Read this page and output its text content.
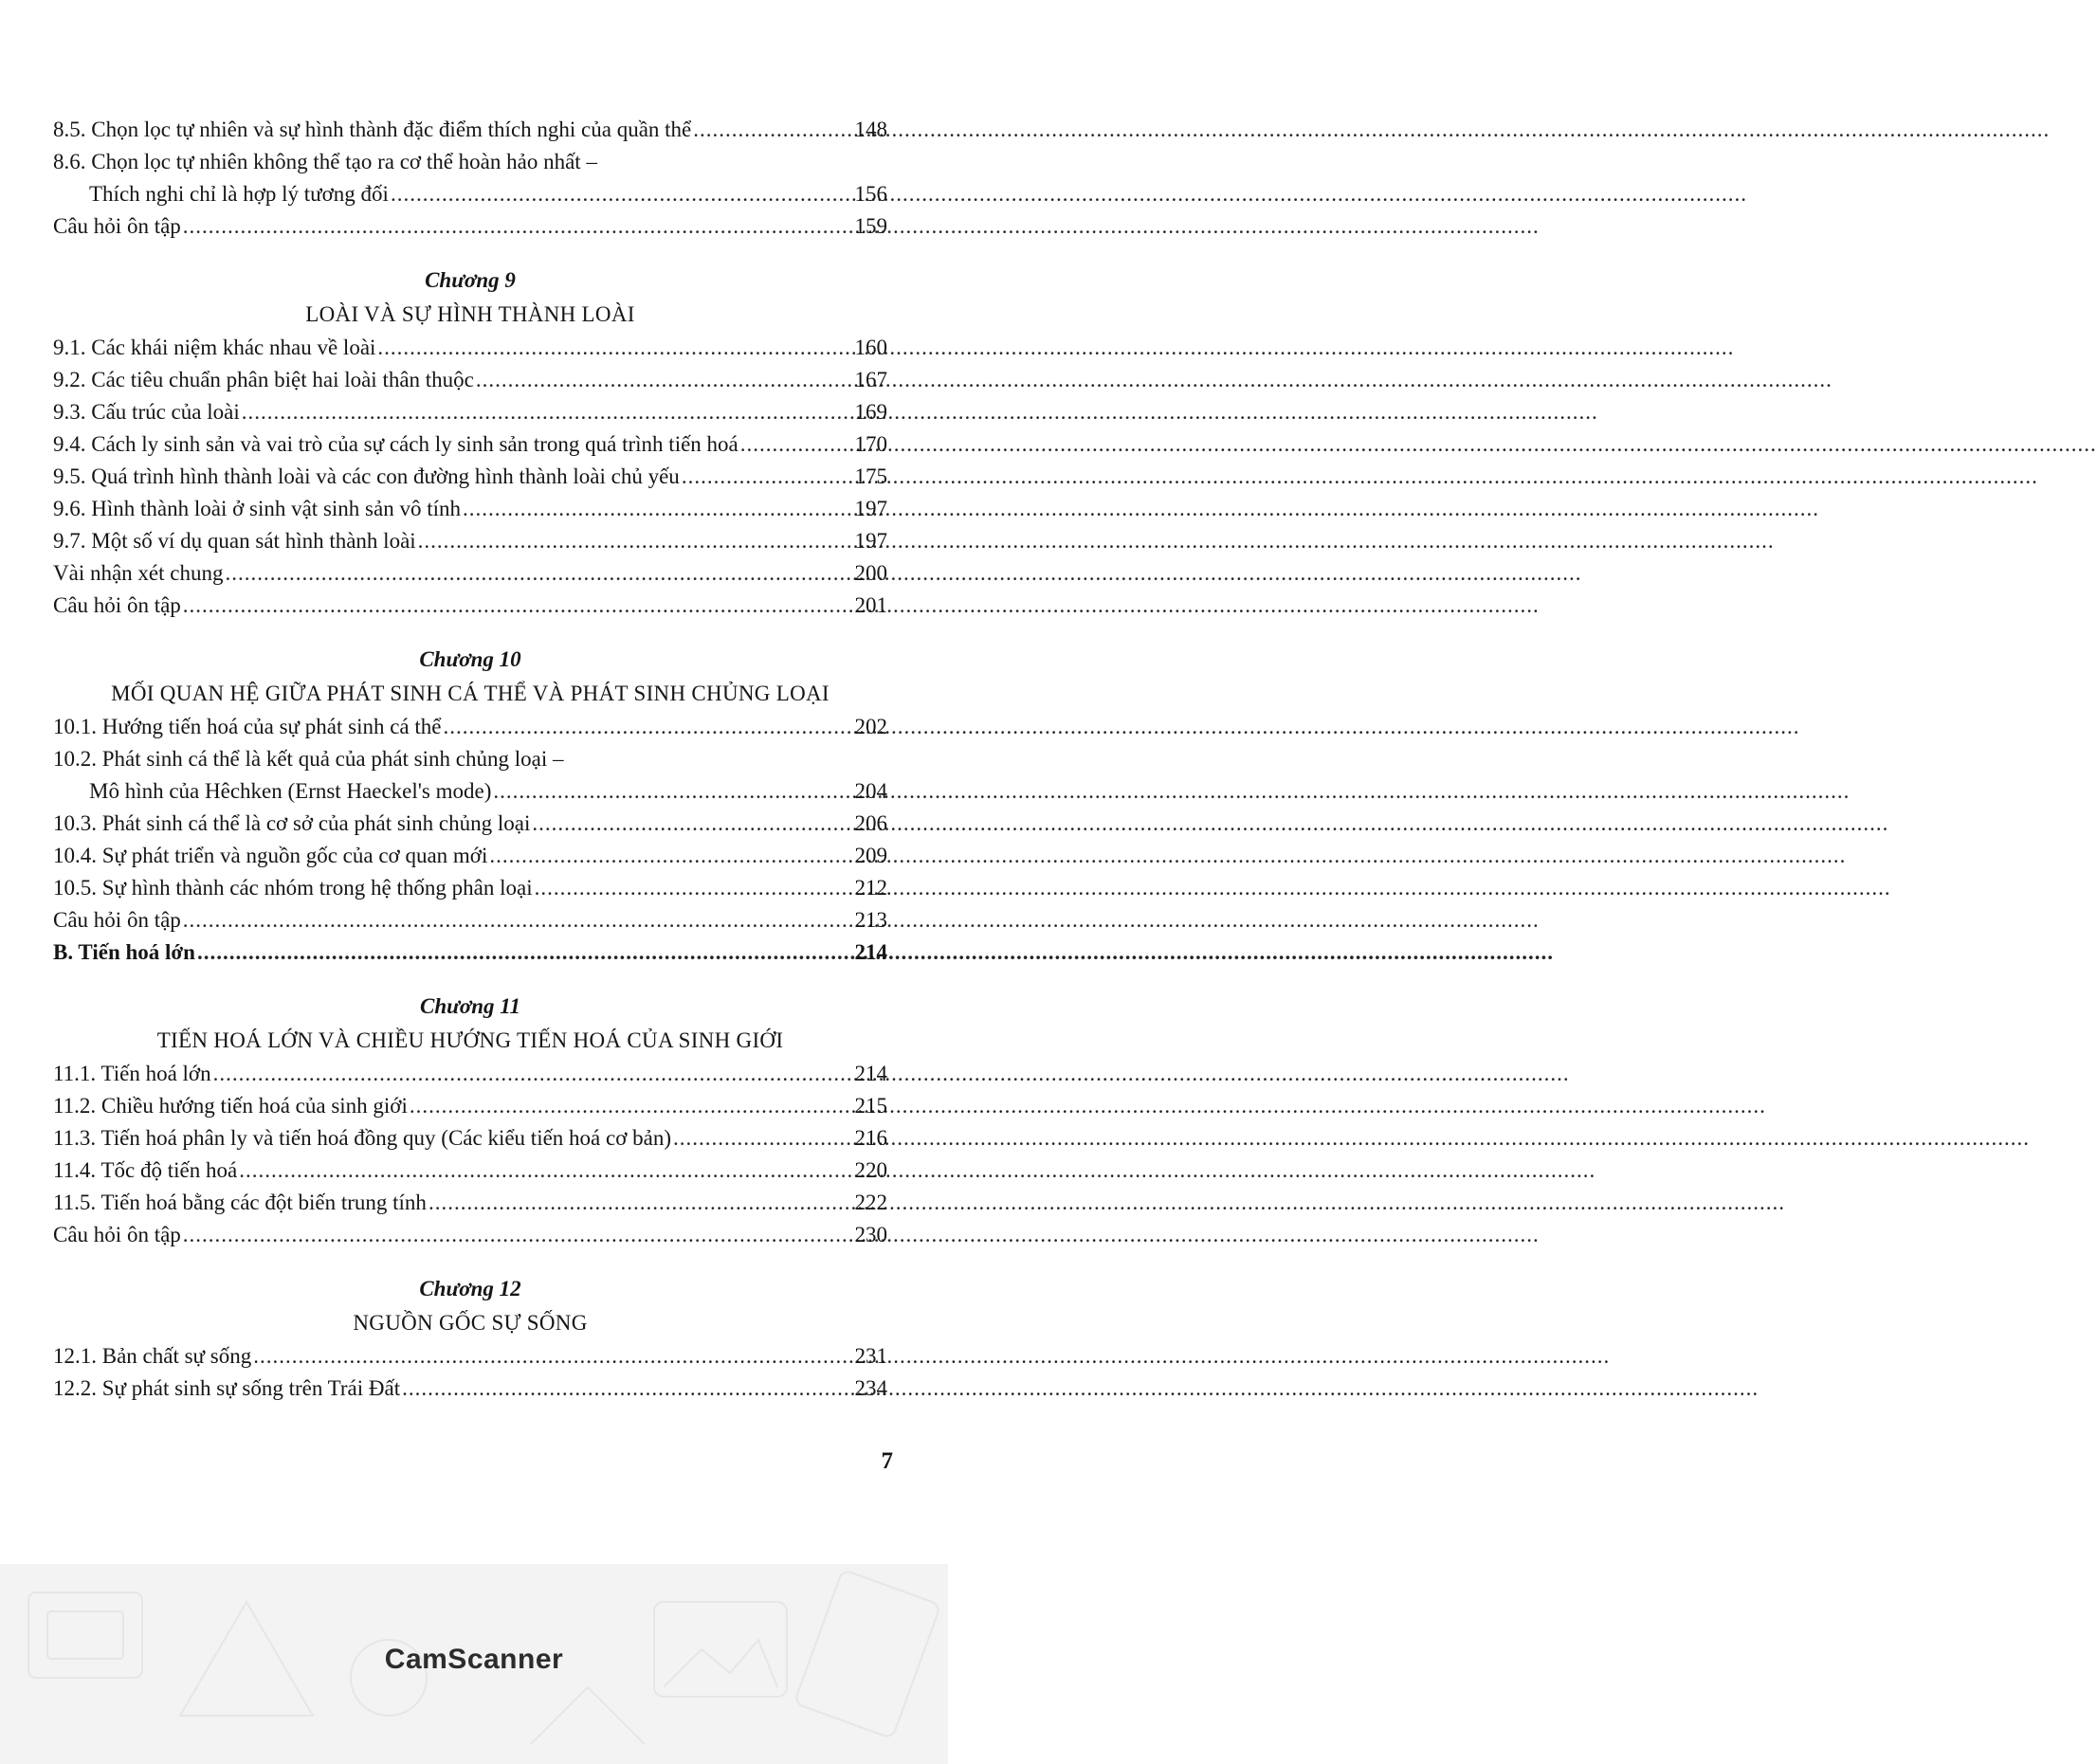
8.5. Chọn lọc tự nhiên và sự hình thành đặc điểm thích nghi của quần thể .....	148
8.6. Chọn lọc tự nhiên không thể tạo ra cơ thể hoàn hảo nhất –
Thích nghi chỉ là hợp lý tương đối .....	156
Câu hỏi ôn tập .....	159
Chương 9
LOÀI VÀ SỰ HÌNH THÀNH LOÀI
9.1. Các khái niệm khác nhau về loài .....	160
9.2. Các tiêu chuẩn phân biệt hai loài thân thuộc .....	167
9.3. Cấu trúc của loài .....	169
9.4. Cách ly sinh sản và vai trò của sự cách ly sinh sản trong quá trình tiến hoá .....	170
9.5. Quá trình hình thành loài và các con đường hình thành loài chủ yếu .....	175
9.6. Hình thành loài ở sinh vật sinh sản vô tính .....	197
9.7. Một số ví dụ quan sát hình thành loài .....	197
Vài nhận xét chung .....	200
Câu hỏi ôn tập .....	201
Chương 10
MỐI QUAN HỆ GIỮA PHÁT SINH CÁ THỂ VÀ PHÁT SINH CHỦNG LOẠI
10.1. Hướng tiến hoá của sự phát sinh cá thể .....	202
10.2. Phát sinh cá thể là kết quả của phát sinh chủng loại –
Mô hình của Hêchken (Ernst Haeckel's mode) .....	204
10.3. Phát sinh cá thể là cơ sở của phát sinh chủng loại .....	206
10.4. Sự phát triển và nguồn gốc của cơ quan mới .....	209
10.5. Sự hình thành các nhóm trong hệ thống phân loại .....	212
Câu hỏi ôn tập .....	213
B. Tiến hoá lớn .....	214
Chương 11
TIẾN HOÁ LỚN VÀ CHIỀU HƯỚNG TIẾN HOÁ CỦA SINH GIỚI
11.1. Tiến hoá lớn .....	214
11.2. Chiều hướng tiến hoá của sinh giới .....	215
11.3. Tiến hoá phân ly và tiến hoá đồng quy (Các kiểu tiến hoá cơ bản) .....	216
11.4. Tốc độ tiến hoá .....	220
11.5. Tiến hoá bằng các đột biến trung tính .....	222
Câu hỏi ôn tập .....	230
Chương 12
NGUỒN GỐC SỰ SỐNG
12.1. Bản chất sự sống .....	231
12.2. Sự phát sinh sự sống trên Trái Đất .....	234
7
CamScanner
